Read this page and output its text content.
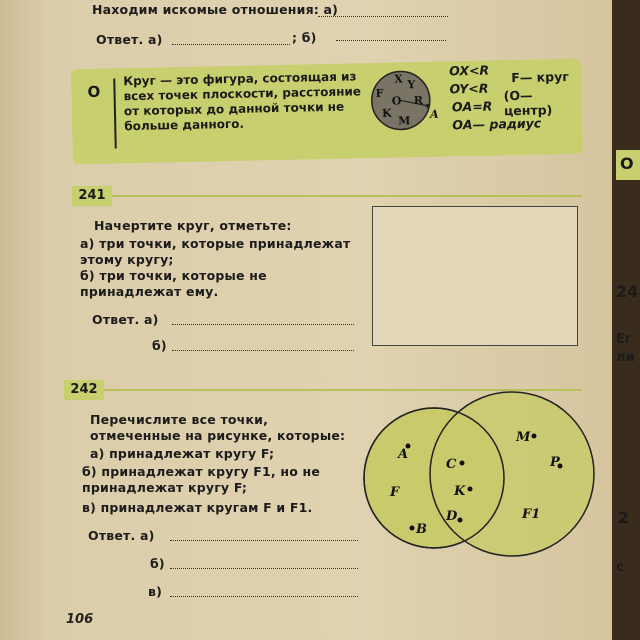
Находим искомые отношения: а)
Ответ. а)	; б)
О
Круг — это фигура, состоящая из всех точек плоскости, расстояние от которых до данной точки не больше данного.
X Y
F
O R
K
M
A
OX<R
OY<R
OA=R
OA— радиус
F— круг
(O— центр)
241
Начертите круг, отметьте:
а) три точки, которые принадлежат этому кругу;
б) три точки, которые не принадлежат ему.
Ответ. а)
б)
242
Перечислите все точки, отмеченные на рисунке, которые:
а) принадлежат кругу F;
б) принадлежат кругу F1, но не принадлежат кругу F;
в) принадлежат кругам F и F1.
Ответ. а)
б)
в)
A
B
C
D
K
M
P
F
F1
106
О
24
Ег
ли
2
с
